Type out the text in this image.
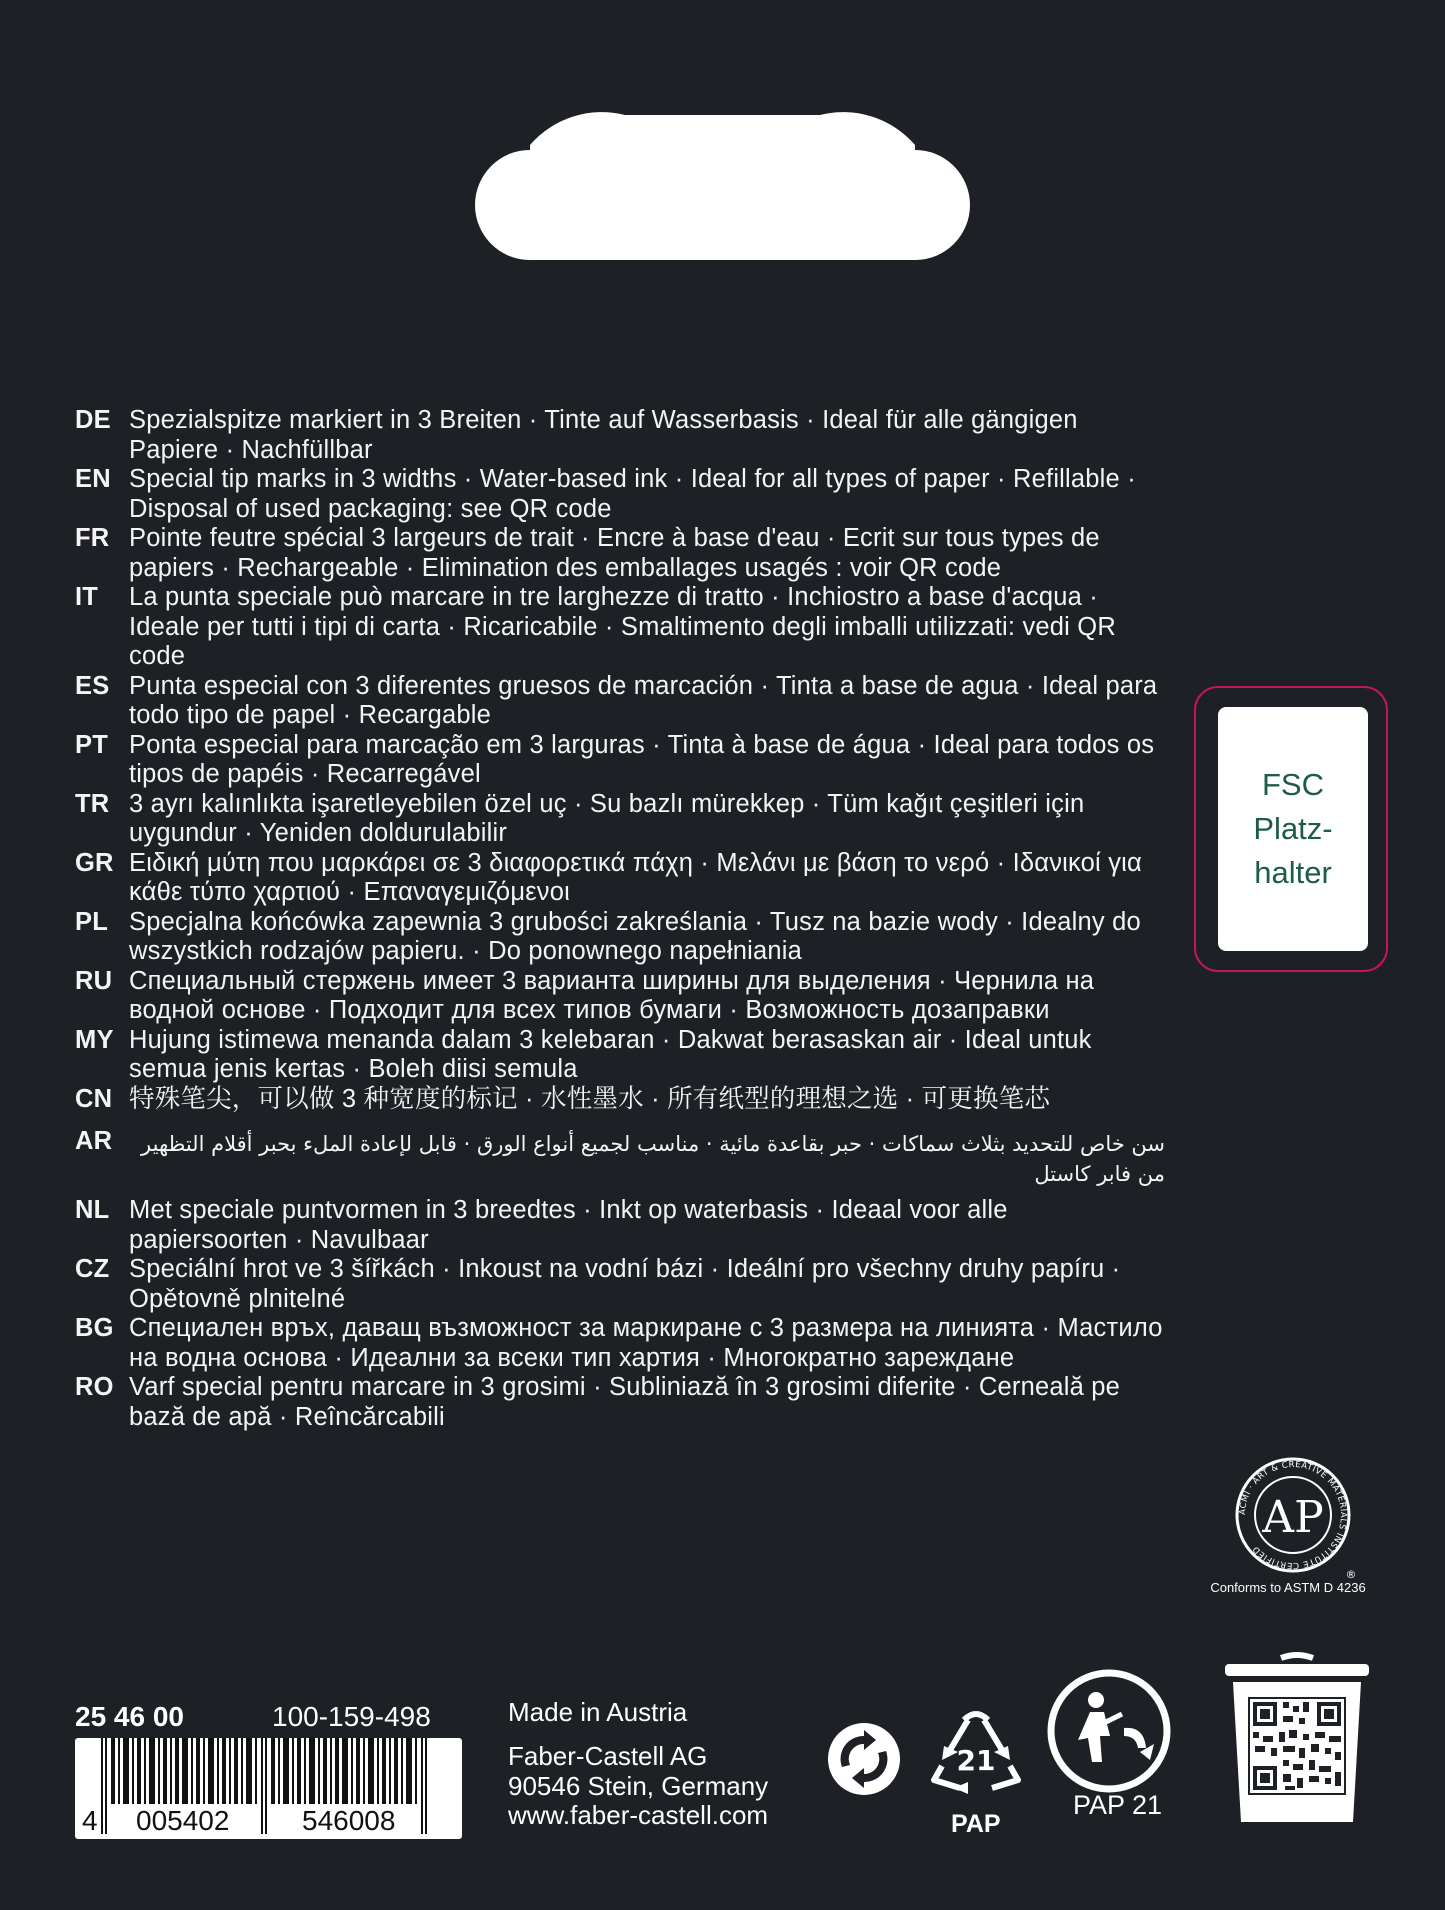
DE Spezialspitze markiert in 3 Breiten · Tinte auf Wasserbasis · Ideal für alle gängigen Papiere · Nachfüllbar
EN Special tip marks in 3 widths · Water-based ink · Ideal for all types of paper · Refillable · Disposal of used packaging: see QR code
FR Pointe feutre spécial 3 largeurs de trait · Encre à base d'eau · Ecrit sur tous types de papiers · Rechargeable · Elimination des emballages usagés : voir QR code
IT	La punta speciale può marcare in tre larghezze di tratto · Inchiostro a base d'acqua · Ideale per tutti i tipi di carta · Ricaricabile · Smaltimento degli imballi utilizzati: vedi QR code
ES Punta especial con 3 diferentes gruesos de marcación · Tinta a base de agua · Ideal para todo tipo de papel · Recargable
PT Ponta especial para marcação em 3 larguras · Tinta à base de água · Ideal para todos os tipos de papéis · Recarregável
TR 3 ayrı kalınlıkta işaretleyebilen özel uç · Su bazlı mürekkep · Tüm kağıt çeşitleri için uygundur · Yeniden doldurulabilir
GR Ειδική μύτη που μαρκάρει σε 3 διαφορετικά πάχη · Μελάνι με βάση το νερό · Ιδανικοί για κάθε τύπο χαρτιού · Επαναγεμιζόμενοι
PL Specjalna końcówka zapewnia 3 grubości zakreślania · Tusz na bazie wody · Idealny do wszystkich rodzajów papieru. · Do ponownego napełniania
RU Специальный стержень имеет 3 варианта ширины для выделения · Чернила на водной основе · Подходит для всех типов бумаги · Возможность дозаправки
MY Hujung istimewa menanda dalam 3 kelebaran · Dakwat berasaskan air · Ideal untuk semua jenis kertas · Boleh diisi semula
CN 特殊笔尖，可以做 3 种宽度的标记 · 水性墨水 · 所有纸型的理想之选 · 可更换笔芯
AR	سن خاص للتحديد بثلاث سماكات · حبر بقاعدة مائية · مناسب لجميع أنواع الورق · قابل لإعادة الملء بحبر أقلام التظهير من فابر كاستل
NL Met speciale puntvormen in 3 breedtes · Inkt op waterbasis · Ideaal voor alle papiersoorten · Navulbaar
CZ Speciální hrot ve 3 šířkách · Inkoust na vodní bázi · Ideální pro všechny druhy papíru · Opětovně plnitelné
BG Специален връх, даващ възможност за маркиране с 3 размера на линията · Мастило на водна основа · Идеални за всеки тип хартия · Многократно зареждане
RO Varf special pentru marcare in 3 grosimi · Subliniază în 3 grosimi diferite · Cerneală pe bază de apă · Reîncărcabili
FSC
Platz-
halter
ACMI · ART & CREATIVE MATERIALS INSTITUTE CERTIFIED
AP
®
Conforms to ASTM D 4236
25 46 00	100-159-498
4 005402	546008
Made in Austria
Faber-Castell AG
90546 Stein, Germany
www.faber-castell.com
21
PAP
PAP 21
